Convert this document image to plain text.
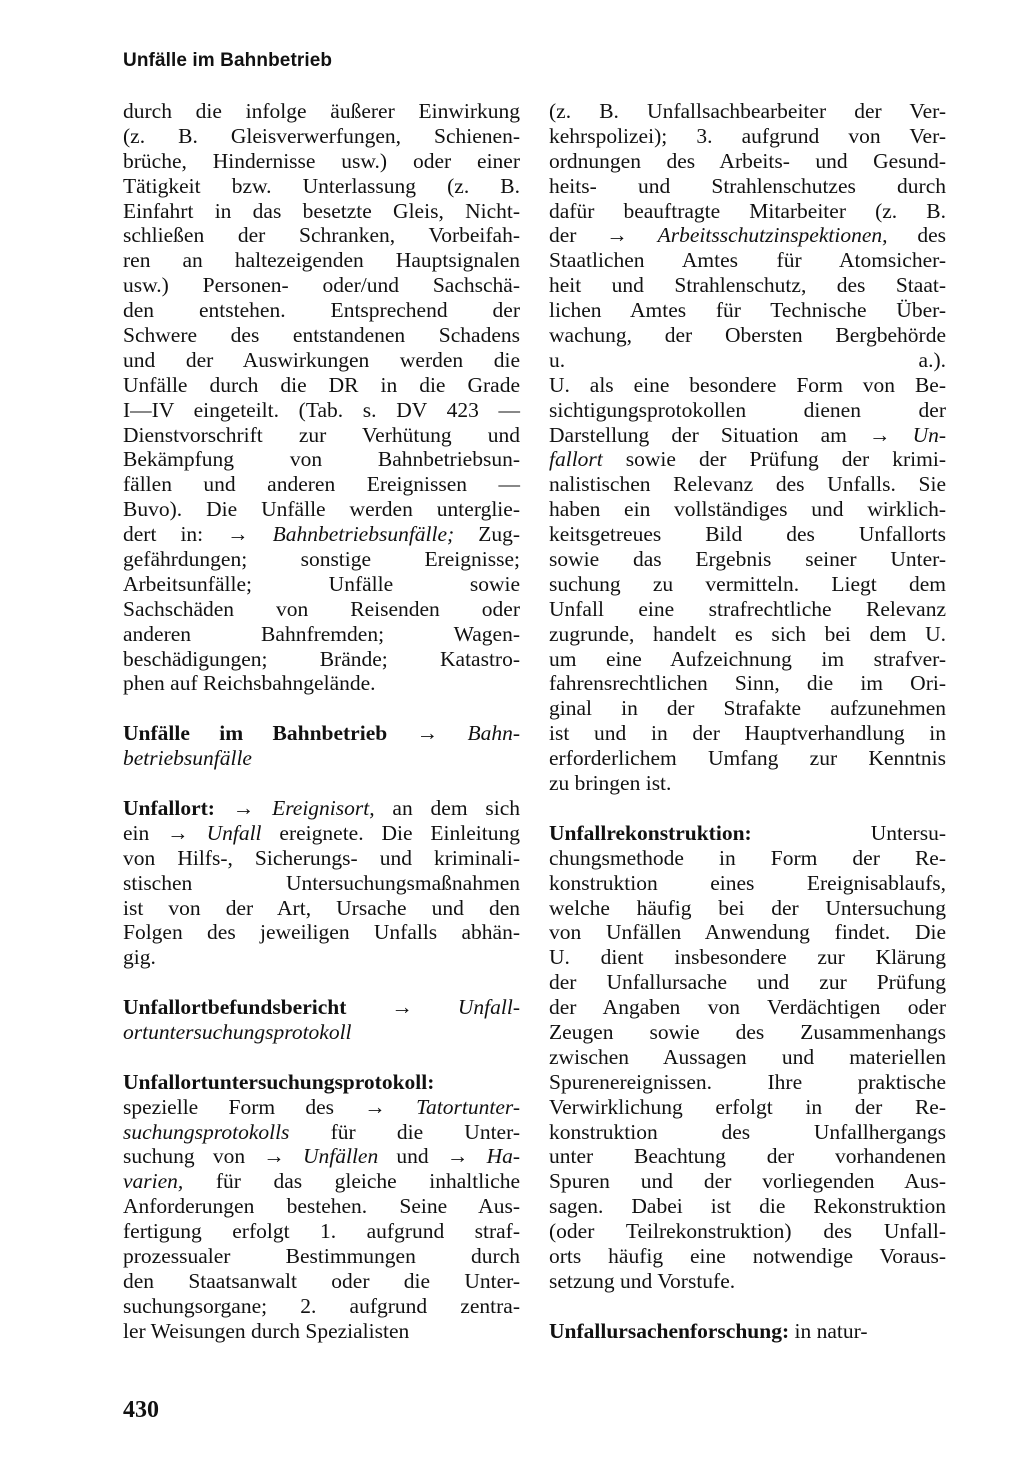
Unfälle im Bahnbetrieb
durch die infolge äußerer Einwirkung
(z. B. Gleisverwerfungen, Schienen-
brüche, Hindernisse usw.) oder einer
Tätigkeit bzw. Unterlassung (z. B.
Einfahrt in das besetzte Gleis, Nicht-
schließen der Schranken, Vorbeifah-
ren an haltezeigenden Hauptsignalen
usw.) Personen- oder/und Sachschä-
den entstehen. Entsprechend der
Schwere des entstandenen Schadens
und der Auswirkungen werden die
Unfälle durch die DR in die Grade
I—IV eingeteilt. (Tab. s. DV 423 —
Dienstvorschrift zur Verhütung und
Bekämpfung von Bahnbetriebsun-
fällen und anderen Ereignissen —
Buvo). Die Unfälle werden unterglie-
dert in: → Bahnbetriebsunfälle; Zug-
gefährdungen; sonstige Ereignisse;
Arbeitsunfälle; Unfälle sowie
Sachschäden von Reisenden oder
anderen Bahnfremden; Wagen-
beschädigungen; Brände; Katastro-
phen auf Reichsbahngelände.
Unfälle im Bahnbetrieb → Bahn-
betriebsunfälle
Unfallort: → Ereignisort, an dem sich
ein → Unfall ereignete. Die Einleitung
von Hilfs-, Sicherungs- und kriminali-
stischen Untersuchungsmaßnahmen
ist von der Art, Ursache und den
Folgen des jeweiligen Unfalls abhän-
gig.
Unfallortbefundsbericht → Unfall-
ortuntersuchungsprotokoll
Unfallortuntersuchungsprotokoll:
spezielle Form des → Tatortunter-
suchungsprotokolls für die Unter-
suchung von → Unfällen und → Ha-
varien, für das gleiche inhaltliche
Anforderungen bestehen. Seine Aus-
fertigung erfolgt 1. aufgrund straf-
prozessualer Bestimmungen durch
den Staatsanwalt oder die Unter-
suchungsorgane; 2. aufgrund zentra-
ler Weisungen durch Spezialisten
(z. B. Unfallsachbearbeiter der Ver-
kehrspolizei); 3. aufgrund von Ver-
ordnungen des Arbeits- und Gesund-
heits- und Strahlenschutzes durch
dafür beauftragte Mitarbeiter (z. B.
der → Arbeitsschutzinspektionen, des
Staatlichen Amtes für Atomsicher-
heit und Strahlenschutz, des Staat-
lichen Amtes für Technische Über-
wachung, der Obersten Bergbehörde
u. a.).
U. als eine besondere Form von Be-
sichtigungsprotokollen dienen der
Darstellung der Situation am → Un-
fallort sowie der Prüfung der krimi-
nalistischen Relevanz des Unfalls. Sie
haben ein vollständiges und wirklich-
keitsgetreues Bild des Unfallorts
sowie das Ergebnis seiner Unter-
suchung zu vermitteln. Liegt dem
Unfall eine strafrechtliche Relevanz
zugrunde, handelt es sich bei dem U.
um eine Aufzeichnung im strafver-
fahrensrechtlichen Sinn, die im Ori-
ginal in der Strafakte aufzunehmen
ist und in der Hauptverhandlung in
erforderlichem Umfang zur Kenntnis
zu bringen ist.
Unfallrekonstruktion: Untersu-
chungsmethode in Form der Re-
konstruktion eines Ereignisablaufs,
welche häufig bei der Untersuchung
von Unfällen Anwendung findet. Die
U. dient insbesondere zur Klärung
der Unfallursache und zur Prüfung
der Angaben von Verdächtigen oder
Zeugen sowie des Zusammenhangs
zwischen Aussagen und materiellen
Spurenereignissen. Ihre praktische
Verwirklichung erfolgt in der Re-
konstruktion des Unfallhergangs
unter Beachtung der vorhandenen
Spuren und der vorliegenden Aus-
sagen. Dabei ist die Rekonstruktion
(oder Teilrekonstruktion) des Unfall-
orts häufig eine notwendige Voraus-
setzung und Vorstufe.
Unfallursachenforschung: in natur-
430
